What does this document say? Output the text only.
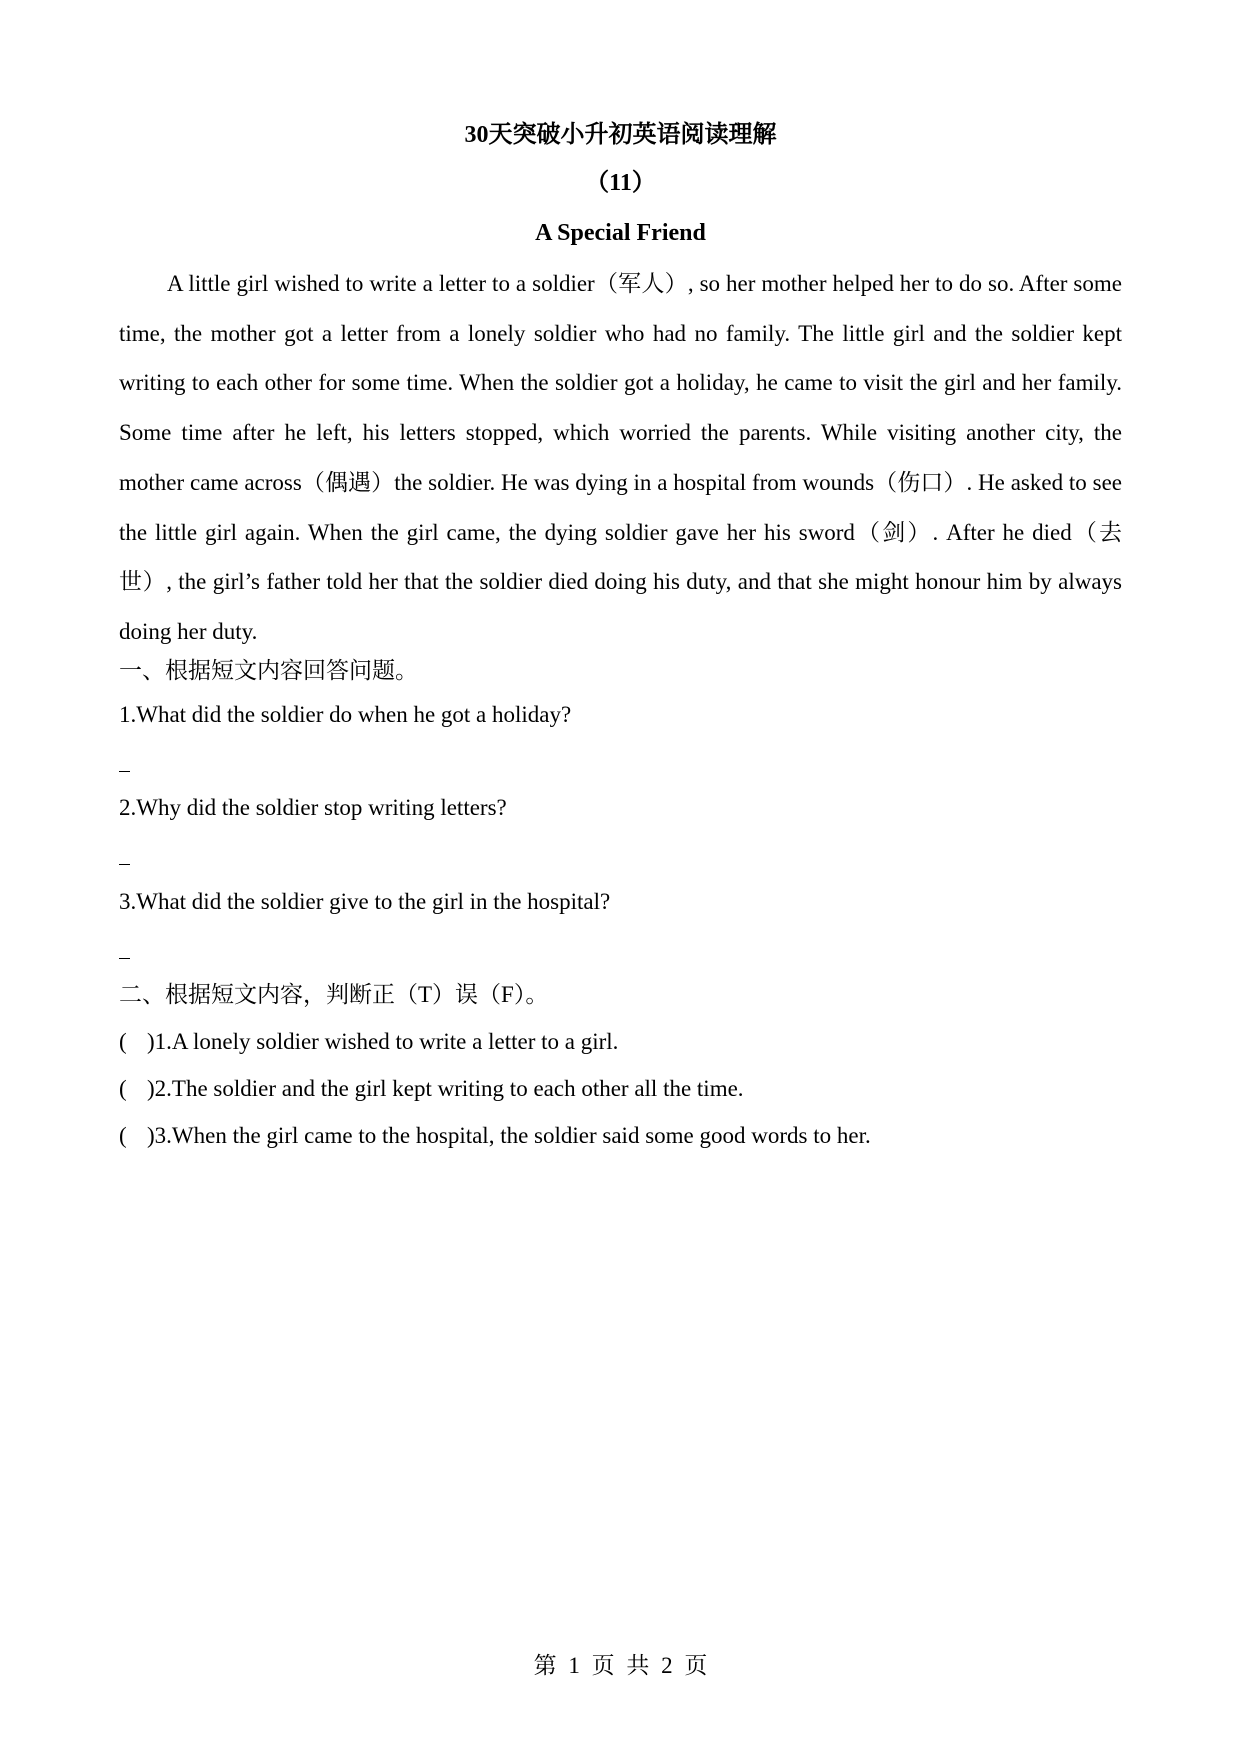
30天突破小升初英语阅读理解
（11）
A Special Friend

A little girl wished to write a letter to a soldier（军人）, so her mother helped her to do so. After some time, the mother got a letter from a lonely soldier who had no family. The little girl and the soldier kept writing to each other for some time. When the soldier got a holiday, he came to visit the girl and her family. Some time after he left, his letters stopped, which worried the parents. While visiting another city, the mother came across（偶遇）the soldier. He was dying in a hospital from wounds（伤口）. He asked to see the little girl again. When the girl came, the dying soldier gave her his sword（剑）. After he died（去世）, the girl’s father told her that the soldier died doing his duty, and that she might honour him by always doing her duty.

一、根据短文内容回答问题。
1.What did the soldier do when he got a holiday?
2.Why did the soldier stop writing letters?
3.What did the soldier give to the girl in the hospital?
二、根据短文内容，判断正（T）误（F）。
( )1.A lonely soldier wished to write a letter to a girl.
( )2.The soldier and the girl kept writing to each other all the time.
( )3.When the girl came to the hospital, the soldier said some good words to her.
第 1 页 共 2 页
